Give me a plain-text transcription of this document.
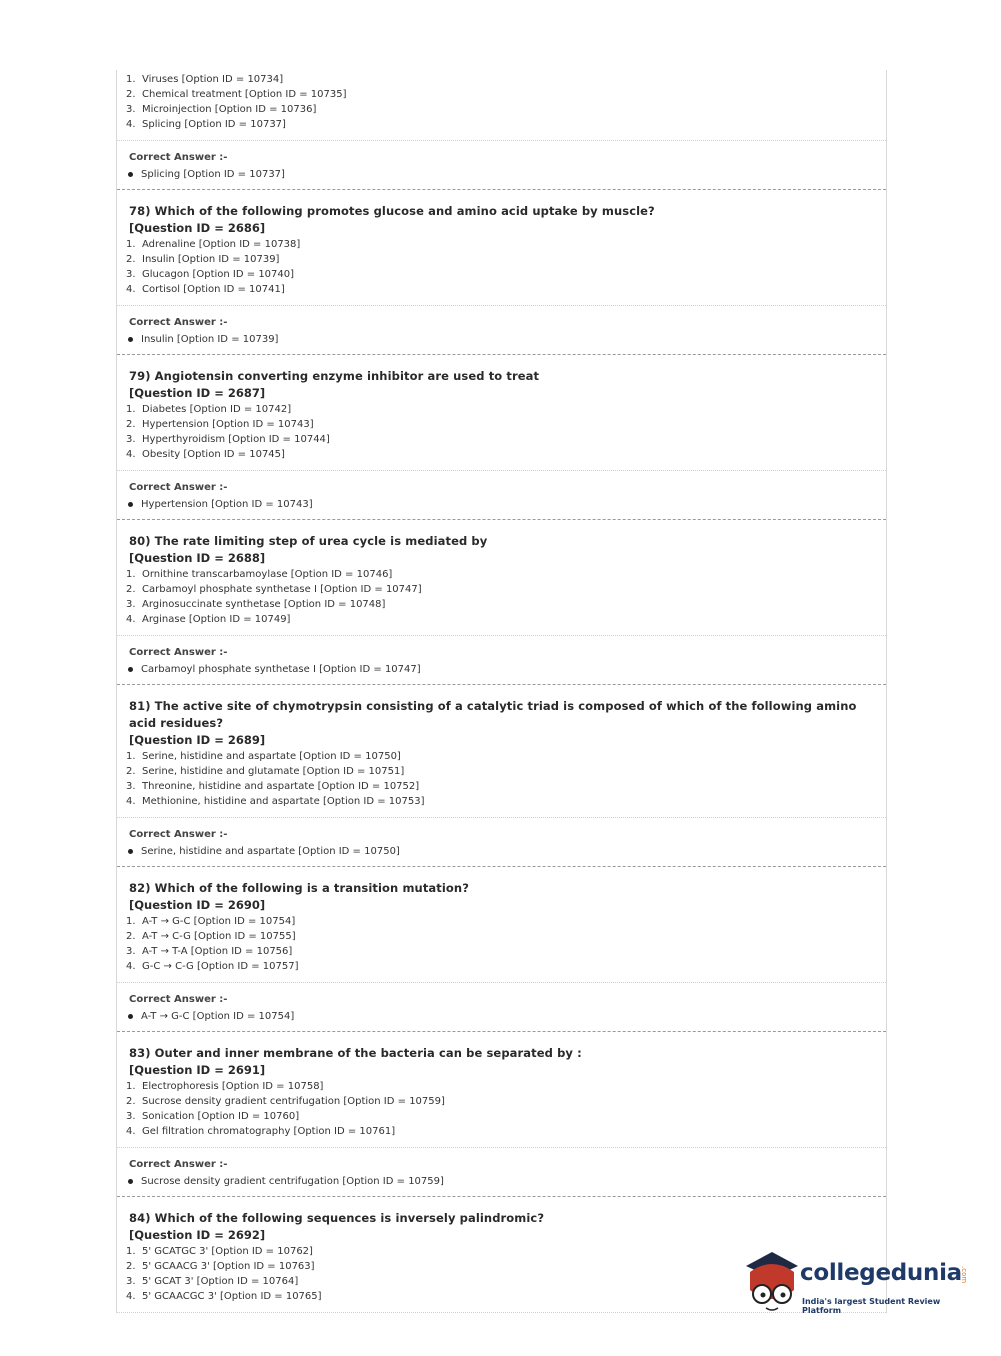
1. Viruses [Option ID = 10734]
2. Chemical treatment [Option ID = 10735]
3. Microinjection [Option ID = 10736]
4. Splicing [Option ID = 10737]
Correct Answer :-
Splicing [Option ID = 10737]
78) Which of the following promotes glucose and amino acid uptake by muscle?
[Question ID = 2686]
1. Adrenaline [Option ID = 10738]
2. Insulin [Option ID = 10739]
3. Glucagon [Option ID = 10740]
4. Cortisol [Option ID = 10741]
Correct Answer :-
Insulin [Option ID = 10739]
79) Angiotensin converting enzyme inhibitor are used to treat
[Question ID = 2687]
1. Diabetes [Option ID = 10742]
2. Hypertension [Option ID = 10743]
3. Hyperthyroidism [Option ID = 10744]
4. Obesity [Option ID = 10745]
Correct Answer :-
Hypertension [Option ID = 10743]
80) The rate limiting step of urea cycle is mediated by
[Question ID = 2688]
1. Ornithine transcarbamoylase [Option ID = 10746]
2. Carbamoyl phosphate synthetase I [Option ID = 10747]
3. Arginosuccinate synthetase [Option ID = 10748]
4. Arginase [Option ID = 10749]
Correct Answer :-
Carbamoyl phosphate synthetase I [Option ID = 10747]
81) The active site of chymotrypsin consisting of a catalytic triad is composed of which of the following amino acid residues?
[Question ID = 2689]
1. Serine, histidine and aspartate [Option ID = 10750]
2. Serine, histidine and glutamate [Option ID = 10751]
3. Threonine, histidine and aspartate [Option ID = 10752]
4. Methionine, histidine and aspartate [Option ID = 10753]
Correct Answer :-
Serine, histidine and aspartate [Option ID = 10750]
82) Which of the following is a transition mutation?
[Question ID = 2690]
1. A-T → G-C [Option ID = 10754]
2. A-T → C-G [Option ID = 10755]
3. A-T → T-A [Option ID = 10756]
4. G-C → C-G [Option ID = 10757]
Correct Answer :-
A-T → G-C [Option ID = 10754]
83) Outer and inner membrane of the bacteria can be separated by :
[Question ID = 2691]
1. Electrophoresis [Option ID = 10758]
2. Sucrose density gradient centrifugation [Option ID = 10759]
3. Sonication [Option ID = 10760]
4. Gel filtration chromatography [Option ID = 10761]
Correct Answer :-
Sucrose density gradient centrifugation [Option ID = 10759]
84) Which of the following sequences is inversely palindromic?
[Question ID = 2692]
1. 5' GCATGC 3' [Option ID = 10762]
2. 5' GCAACG 3' [Option ID = 10763]
3. 5' GCAT 3' [Option ID = 10764]
4. 5' GCAACGC 3' [Option ID = 10765]
collegedunia
.com
India's largest Student Review Platform
